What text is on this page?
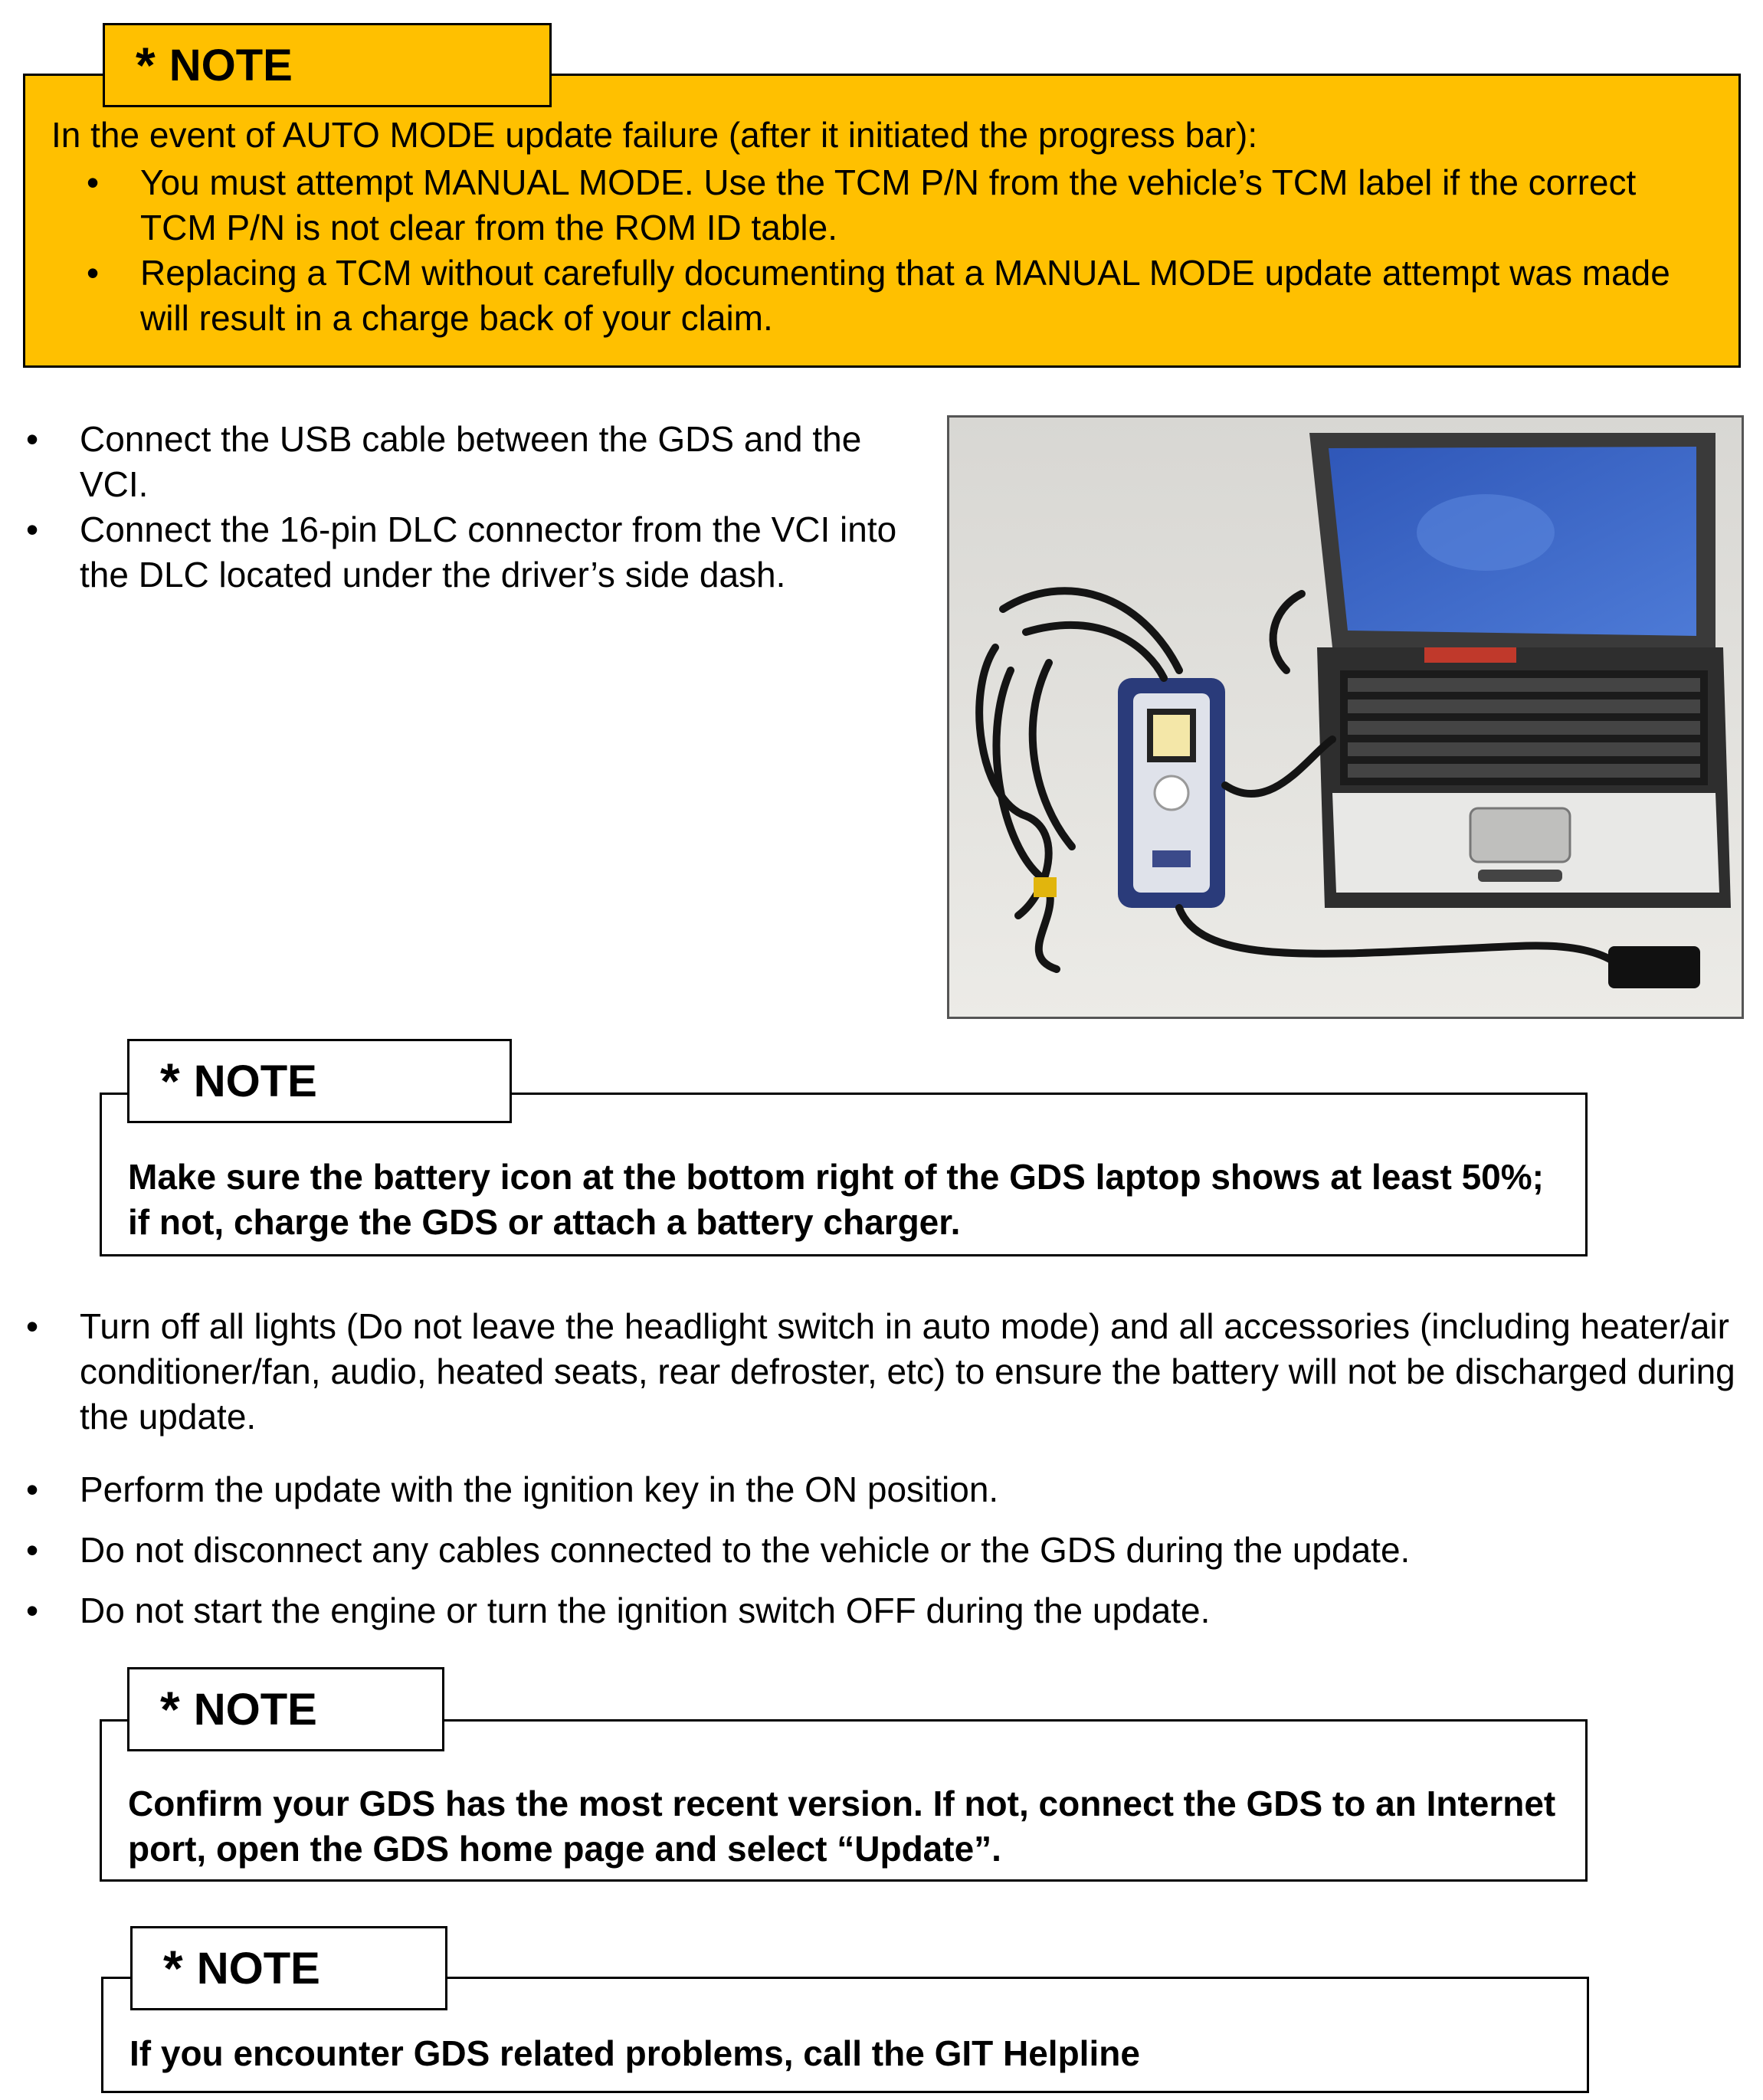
In the event of AUTO MODE update failure (after it initiated the progress bar):
• You must attempt MANUAL MODE. Use the TCM P/N from the vehicle’s TCM label if the correct TCM P/N is not clear from the ROM ID table.
• Replacing a TCM without carefully documenting that a MANUAL MODE update attempt was made will result in a charge back of your claim.
* NOTE
• Connect the USB cable between the GDS and the VCI.
• Connect the 16-pin DLC connector from the VCI into the DLC located under the driver’s side dash.
Make sure the battery icon at the bottom right of the GDS laptop shows at least 50%; if not, charge the GDS or attach a battery charger.
* NOTE
• Turn off all lights (Do not leave the headlight switch in auto mode) and all accessories (including heater/air conditioner/fan, audio, heated seats, rear defroster, etc) to ensure the battery will not be discharged during the update.
• Perform the update with the ignition key in the ON position.
• Do not disconnect any cables connected to the vehicle or the GDS during the update.
• Do not start the engine or turn the ignition switch OFF during the update.
Confirm your GDS has the most recent version. If not, connect the GDS to an Internet port, open the GDS home page and select “Update”.
* NOTE
If you encounter GDS related problems, call the GIT Helpline
* NOTE
